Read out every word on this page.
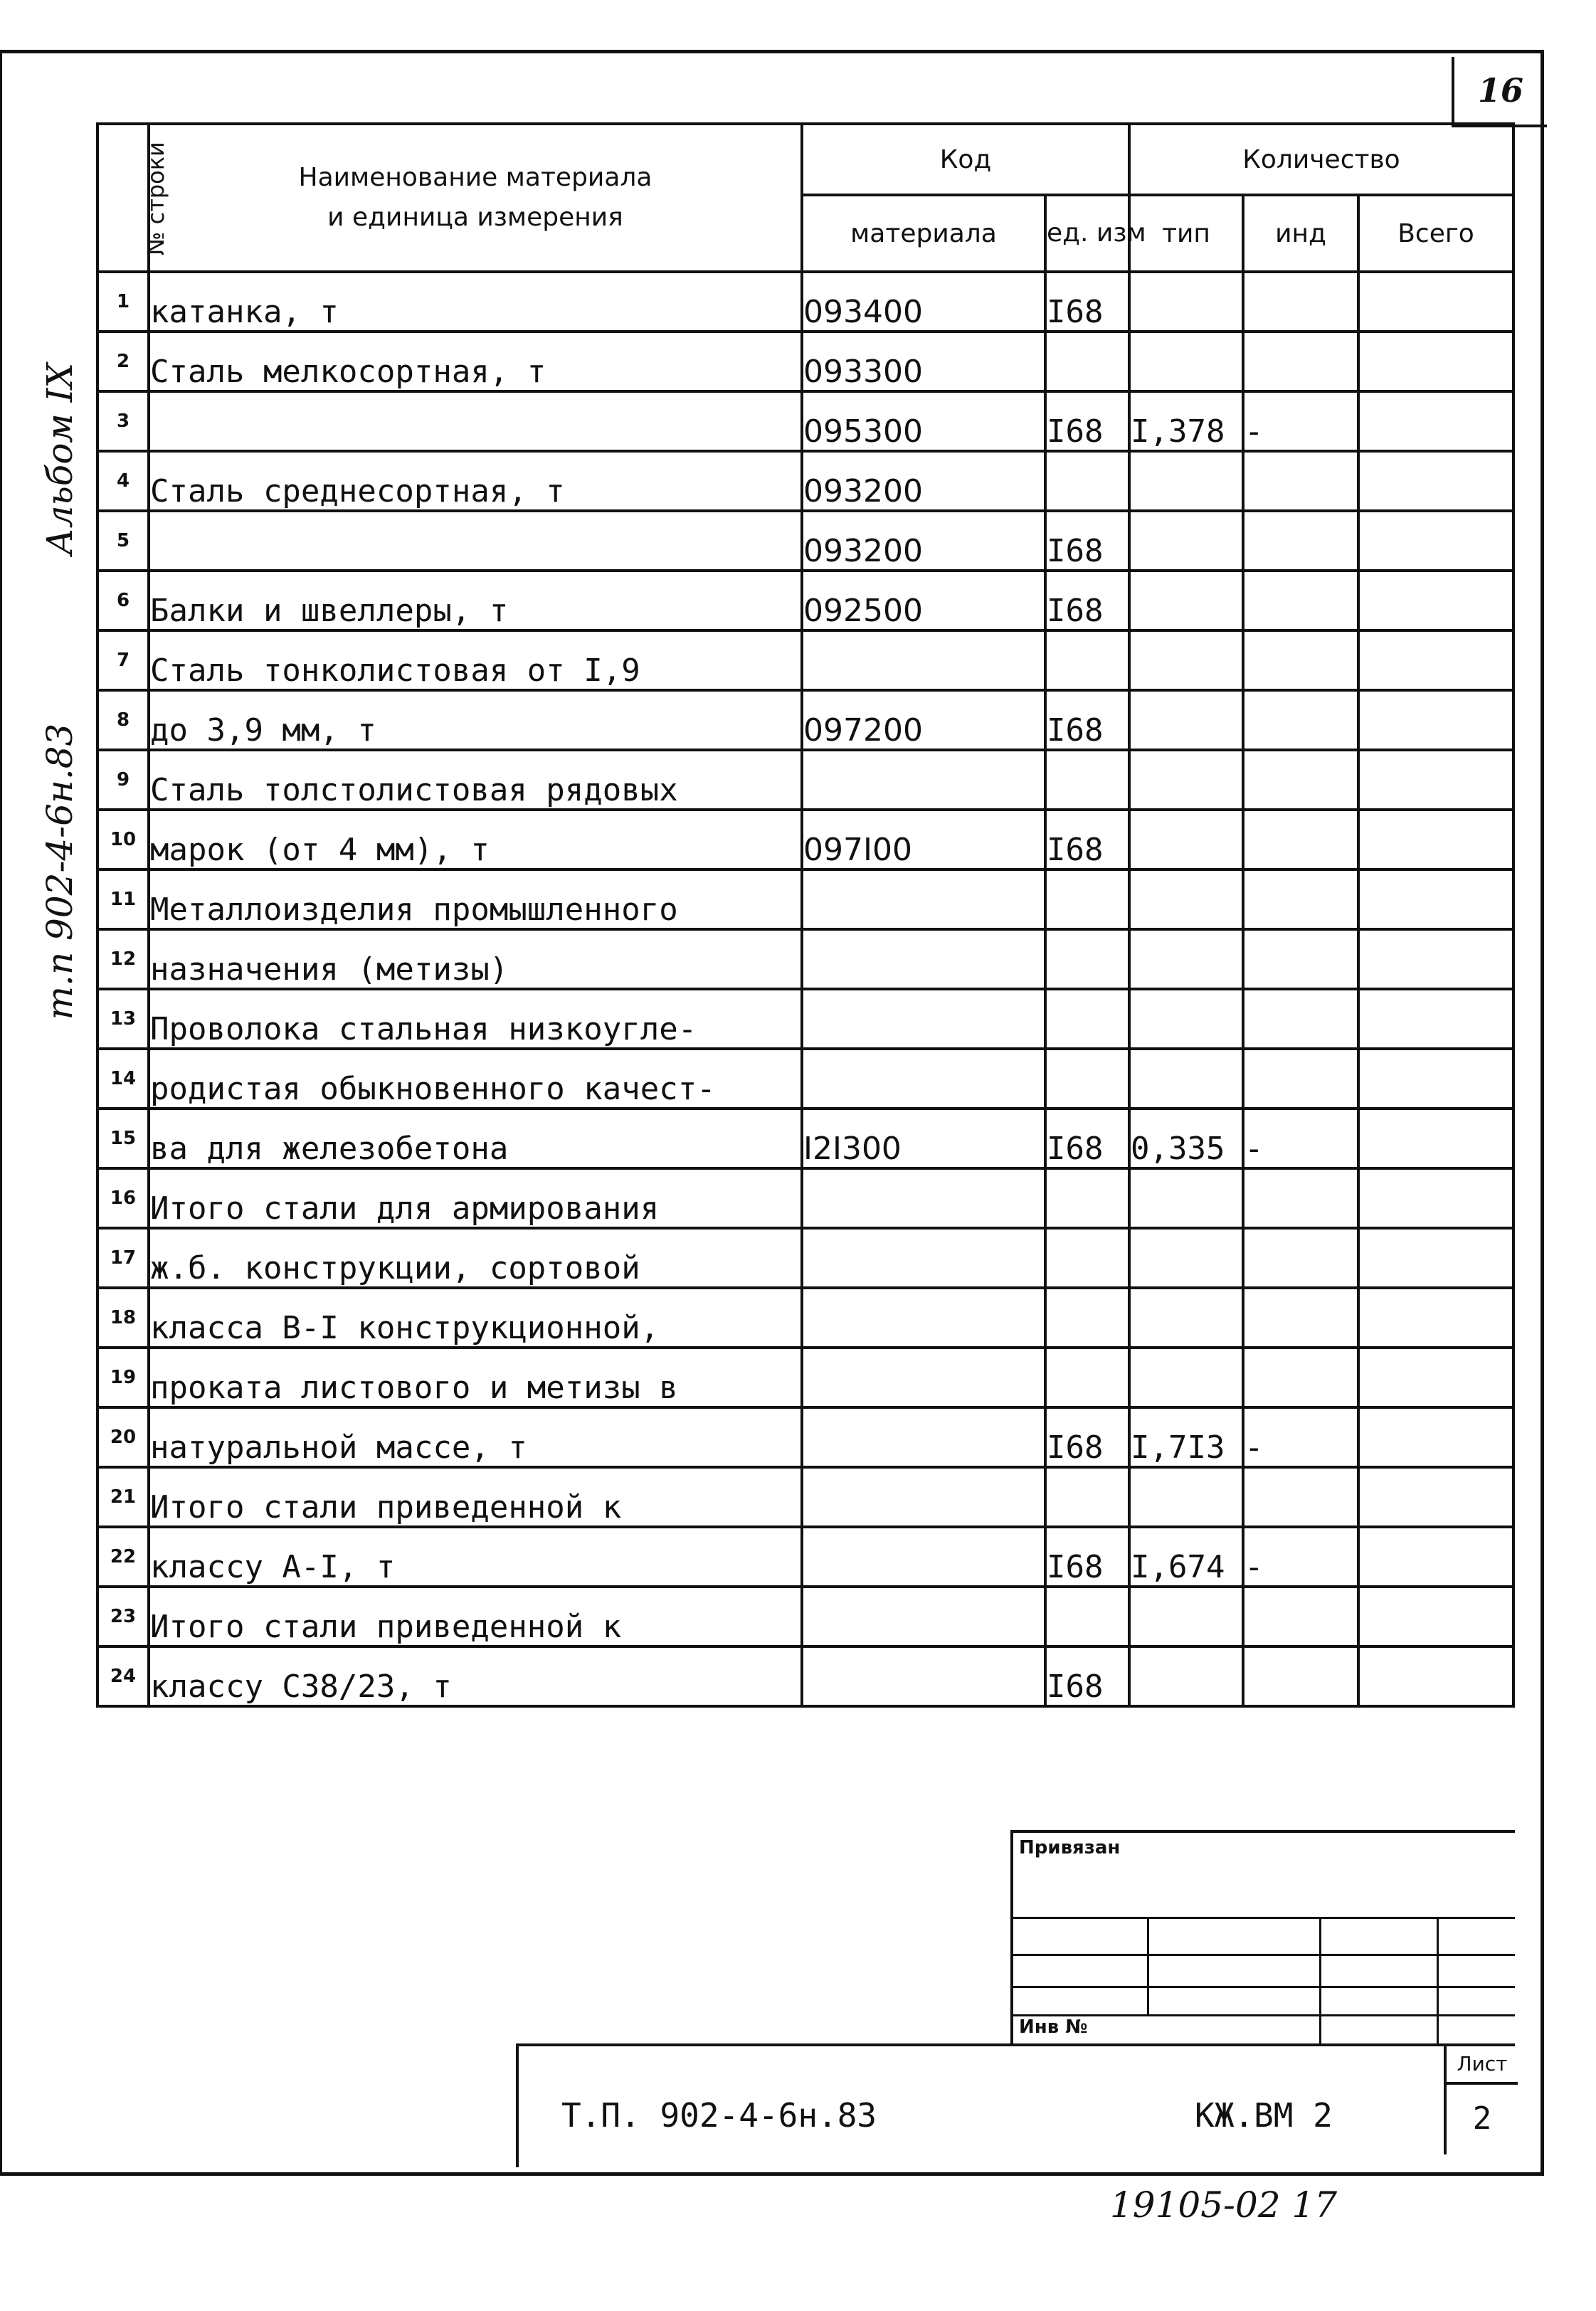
16
Альбом IX
т.п 902-4-6н.83
№ строки	Наименование материала
и единица измерения	Код		Количество		
		материала	ед. изм	тип	инд	Всего
1	катанка, т	093400	I68			
2	Сталь мелкосортная, т	093300				
3		095300	I68	I,378	-	
4	Сталь среднесортная, т	093200				
5		093200	I68			
6	Балки и швеллеры, т	092500	I68			
7	Сталь тонколистовая от I,9					
8	до 3,9 мм, т	097200	I68			
9	Сталь толстолистовая рядовых					
10	марок (от 4 мм), т	097I00	I68			
11	Металлоизделия промышленного					
12	назначения (метизы)					
13	Проволока стальная низкоугле-					
14	родистая обыкновенного качест-					
15	ва для железобетона	I2I300	I68	0,335	-	
16	Итого стали для армирования					
17	ж.б. конструкции, сортовой					
18	класса В-I конструкционной,					
19	проката листового и метизы в					
20	натуральной массе, т		I68	I,7I3	-	
21	Итого стали приведенной к					
22	классу А-I, т		I68	I,674	-	
23	Итого стали приведенной к					
24	классу С38/23, т		I68			
Привязан
Инв №
Т.П. 902-4-6н.83	КЖ.ВМ 2
Лист
2
19105-02 17
